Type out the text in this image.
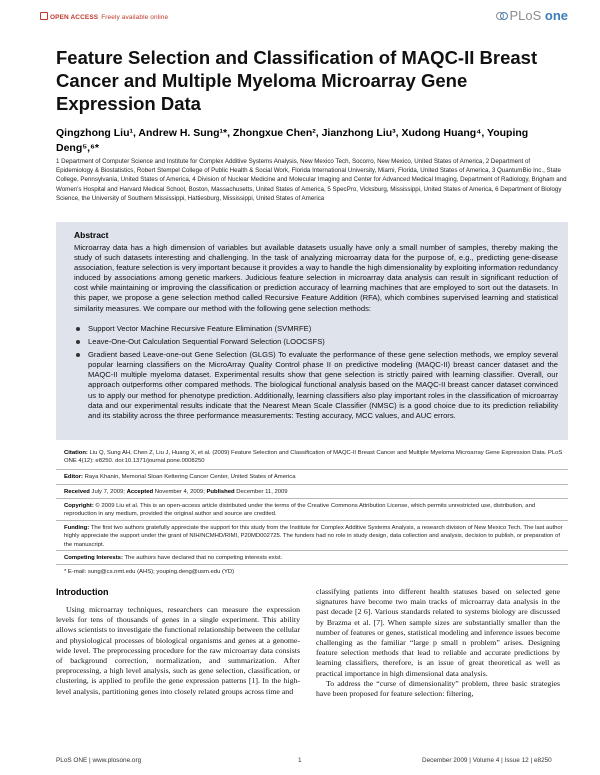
OPEN ACCESS Freely available online	PLoS one
Feature Selection and Classification of MAQC-II Breast Cancer and Multiple Myeloma Microarray Gene Expression Data
Qingzhong Liu¹, Andrew H. Sung¹*, Zhongxue Chen², Jianzhong Liu³, Xudong Huang⁴, Youping Deng⁵,⁶*
1 Department of Computer Science and Institute for Complex Additive Systems Analysis, New Mexico Tech, Socorro, New Mexico, United States of America, 2 Department of Epidemiology & Biostatistics, Robert Stempel College of Public Health & Social Work, Florida International University, Miami, Florida, United States of America, 3 QuantumBio Inc., State College, Pennsylvania, United States of America, 4 Division of Nuclear Medicine and Molecular Imaging and Center for Advanced Medical Imaging, Department of Radiology, Brigham and Women's Hospital and Harvard Medical School, Boston, Massachusetts, United States of America, 5 SpecPro, Vicksburg, Mississippi, United States of America, 6 Department of Biology Science, the University of Southern Mississippi, Hattiesburg, Mississippi, United States of America
Abstract
Microarray data has a high dimension of variables but available datasets usually have only a small number of samples, thereby making the study of such datasets interesting and challenging. In the task of analyzing microarray data for the purpose of, e.g., predicting gene-disease association, feature selection is very important because it provides a way to handle the high dimensionality by exploiting information redundancy induced by associations among genetic markers. Judicious feature selection in microarray data analysis can result in significant reduction of cost while maintaining or improving the classification or prediction accuracy of learning machines that are employed to sort out the datasets. In this paper, we propose a gene selection method called Recursive Feature Addition (RFA), which combines supervised learning and statistical similarity measures. We compare our method with the following gene selection methods:
Support Vector Machine Recursive Feature Elimination (SVMRFE)
Leave-One-Out Calculation Sequential Forward Selection (LOOCSFS)
Gradient based Leave-one-out Gene Selection (GLGS) To evaluate the performance of these gene selection methods, we employ several popular learning classifiers on the MicroArray Quality Control phase II on predictive modeling (MAQC-II) breast cancer dataset and the MAQC-II multiple myeloma dataset. Experimental results show that gene selection is strictly paired with learning classifier. Overall, our approach outperforms other compared methods. The biological functional analysis based on the MAQC-II breast cancer dataset convinced us to apply our method for phenotype prediction. Additionally, learning classifiers also play important roles in the classification of microarray data and our experimental results indicate that the Nearest Mean Scale Classifier (NMSC) is a good choice due to its prediction reliability and its stability across the three performance measurements: Testing accuracy, MCC values, and AUC errors.
Citation: Liu Q, Sung AH, Chen Z, Liu J, Huang X, et al. (2009) Feature Selection and Classification of MAQC-II Breast Cancer and Multiple Myeloma Microarray Gene Expression Data. PLoS ONE 4(12): e8250. doi:10.1371/journal.pone.0008250
Editor: Raya Khanin, Memorial Sloan Kettering Cancer Center, United States of America
Received July 7, 2009; Accepted November 4, 2009; Published December 11, 2009
Copyright: © 2009 Liu et al. This is an open-access article distributed under the terms of the Creative Commons Attribution License, which permits unrestricted use, distribution, and reproduction in any medium, provided the original author and source are credited.
Funding: The first two authors gratefully appreciate the support for this study from the Institute for Complex Additive Systems Analysis, a research division of New Mexico Tech. The last author highly appreciate the support under the grant of NIH/NCMHD/RIMI, P20MD002725. The funders had no role in study design, data collection and analysis, decision to publish, or preparation of the manuscript.
Competing Interests: The authors have declared that no competing interests exist.
* E-mail: sung@cs.nmt.edu (AHS); youping.deng@usm.edu (YD)
Introduction

Using microarray techniques, researchers can measure the expression levels for tens of thousands of genes in a single experiment. This ability allows scientists to investigate the functional relationship between the cellular and physiological processes of biological organisms and genes at a genome-wide level. The preprocessing procedure for the raw microarray data consists of background correction, normalization, and summarization. After preprocessing, a high level analysis, such as gene selection, classification, or clustering, is applied to profile the gene expression patterns [1]. In the high-level analysis, partitioning genes into closely related groups across time and

classifying patients into different health statuses based on selected gene signatures have become two main tracks of microarray data analysis in the past decade [2 6]. Various standards related to systems biology are discussed by Brazma et al. [7]. When sample sizes are substantially smaller than the number of features or genes, statistical modeling and inference issues become challenging as the familiar “large p small n problem” arises. Designing feature selection methods that lead to reliable and accurate predictions by learning classifiers, therefore, is an issue of great theoretical as well as practical importance in high dimensional data analysis.

To address the “curse of dimensionality” problem, three basic strategies have been proposed for feature selection: filtering,

PLoS ONE | www.plosone.org	1	December 2009 | Volume 4 | Issue 12 | e8250
